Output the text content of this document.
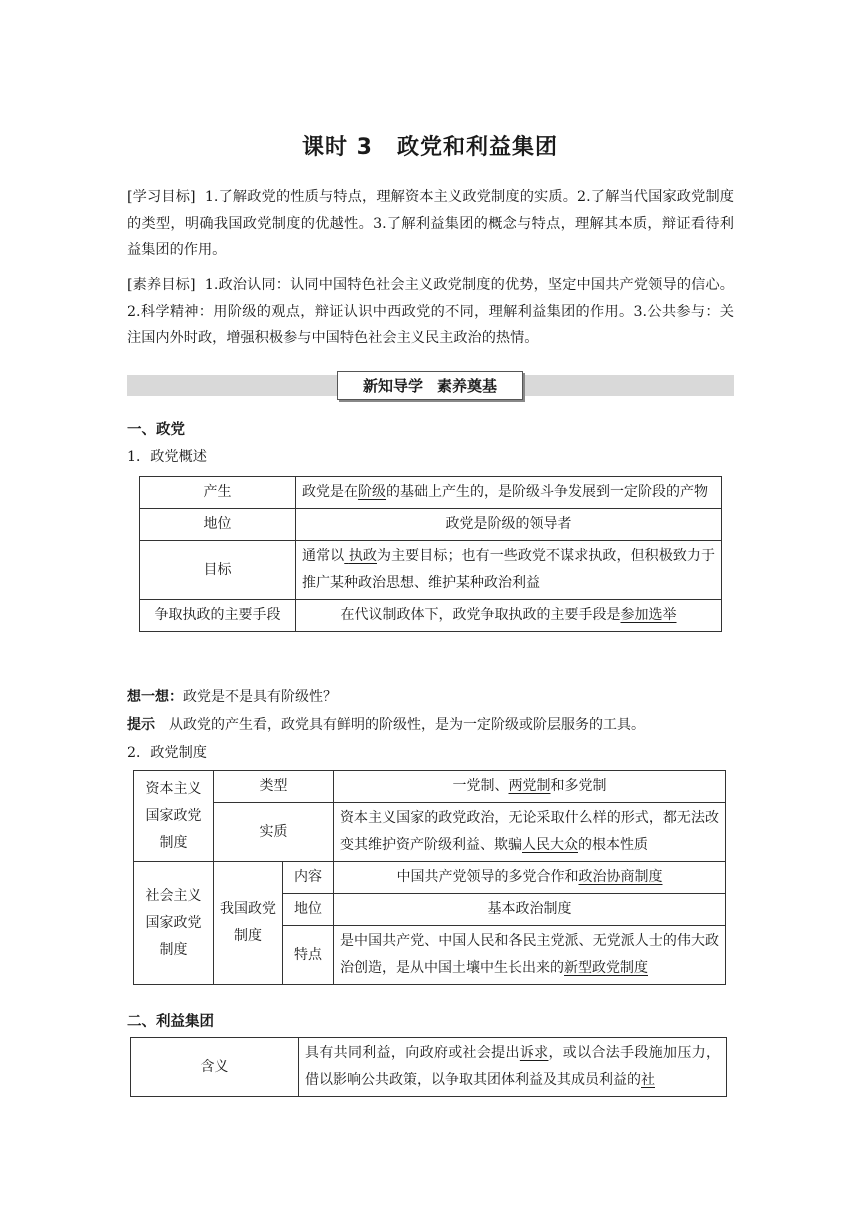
课时 3 政党和利益集团
[学习目标] 1.了解政党的性质与特点，理解资本主义政党制度的实质。2.了解当代国家政党制度的类型，明确我国政党制度的优越性。3.了解利益集团的概念与特点，理解其本质，辩证看待利益集团的作用。
[素养目标] 1.政治认同：认同中国特色社会主义政党制度的优势，坚定中国共产党领导的信心。2.科学精神：用阶级的观点，辩证认识中西政党的不同，理解利益集团的作用。3.公共参与：关注国内外时政，增强积极参与中国特色社会主义民主政治的热情。
新知导学 素养奠基
一、政党
1．政党概述
产生	政党是在阶级的基础上产生的，是阶级斗争发展到一定阶段的产物
地位	政党是阶级的领导者
目标	通常以 执政为主要目标；也有一些政党不谋求执政，但积极致力于推广某种政治思想、维护某种政治利益
争取执政的主要手段	在代议制政体下，政党争取执政的主要手段是参加选举
想一想：政党是不是具有阶级性？
提示 从政党的产生看，政党具有鲜明的阶级性，是为一定阶级或阶层服务的工具。
2．政党制度
资本主义国家政党制度	类型		一党制、两党制和多党制
	实质		资本主义国家的政党政治，无论采取什么样的形式，都无法改变其维护资产阶级利益、欺骗人民大众的根本性质
社会主义国家政党制度	我国政党制度	内容	中国共产党领导的多党合作和政治协商制度
		地位	基本政治制度
		特点	是中国共产党、中国人民和各民主党派、无党派人士的伟大政治创造，是从中国土壤中生长出来的新型政党制度
二、利益集团
含义	具有共同利益，向政府或社会提出诉求，或以合法手段施加压力，借以影响公共政策，以争取其团体利益及其成员利益的社
